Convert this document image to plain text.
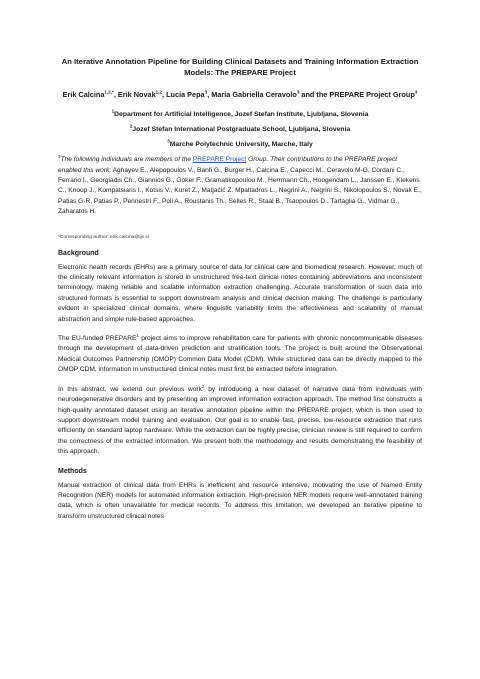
An Iterative Annotation Pipeline for Building Clinical Datasets and Training Information Extraction Models: The PREPARE Project

Erik Calcina$^{1,2,*}$, Erik Novak$^{1,2}$, Lucia Pepa$^3$, Maria Gabriella Ceravolo$^3$ and the PREPARE Project Group$^3$

$^1$Department for Artificial Intelligence, Jozef Stefan Institute, Ljubljana, Slovenia

$^2$Jozef Stefan International Postgraduate School, Ljubljana, Slovenia

$^3$Marche Polytechnic University, Marche, Italy

$^3$The following individuals are members of the PREPARE Project Group. Their contributions to the PREPARE project enabled this work: Aghayev E., Alepopoulos V., Banfi G., Burger H., Calcina E., Capecci M., Ceravolo M-G, Cordani C., Ferrario I., Georgiadis Ch., Giannios G., Goker F., Gramatikopoulou M., Herrmann Ch., Hoogendam L., Janssen E., Kiekens C., Knoop J., Kompatsiaris I., Kotsis V., Kuret Z., Matjačić Z. Mpaltadros L., Negrini A., Negrini S., Nikolopoulos S., Novak E., Patias G-R, Patias P., Pennestrì F., Poli A., Roustanis Th., Selles R., Staal B., Tsaopoulos D., Tartaglia G., Vidmar G., Zaharatos H.

*Corresponding author: erik.calcina@ijs.si

Background

Electronic health records (EHRs) are a primary source of data for clinical care and biomedical research. However, much of the clinically relevant information is stored in unstructured free-text clinical notes containing abbreviations and inconsistent terminology, making reliable and scalable information extraction challenging. Accurate transformation of such data into structured formats is essential to support downstream analysis and clinical decision making. The challenge is particularly evident in specialized clinical domains, where linguistic variability limits the effectiveness and scalability of manual abstraction and simple rule-based approaches.

The EU-funded PREPARE$^1$ project aims to improve rehabilitation care for patients with chronic noncommunicable diseases through the development of data-driven prediction and stratification tools. The project is built around the Observational Medical Outcomes Partnership (OMOP) Common Data Model (CDM). While structured data can be directly mapped to the OMOP CDM, information in unstructured clinical notes must first be extracted before integration.

In this abstract, we extend our previous work$^2$ by introducing a new dataset of narrative data from individuals with neurodegenerative disorders and by presenting an improved information extraction approach. The method first constructs a high-quality annotated dataset using an iterative annotation pipeline within the PREPARE project, which is then used to support downstream model training and evaluation. Our goal is to enable fast, precise, low-resource extraction that runs efficiently on standard laptop hardware. While the extraction can be highly precise, clinician review is still required to confirm the correctness of the extracted information. We present both the methodology and results demonstrating the feasibility of this approach.

Methods

Manual extraction of clinical data from EHRs is inefficient and resource intensive, motivating the use of Named Entity Recognition (NER) models for automated information extraction. High-precision NER models require well-annotated training data, which is often unavailable for medical records. To address this limitation, we developed an iterative pipeline to transform unstructured clinical notes
